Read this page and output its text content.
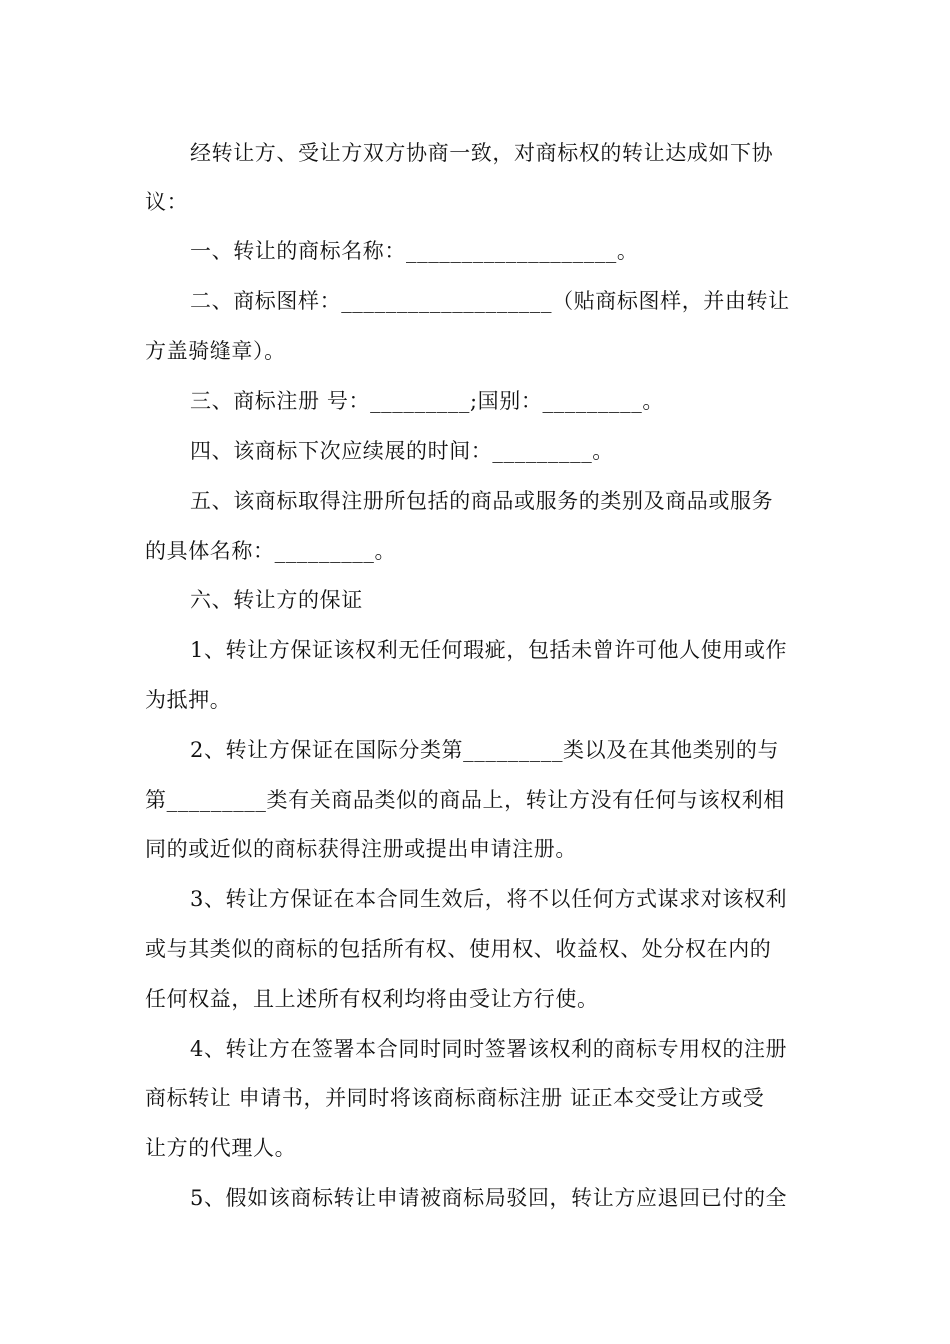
经转让方、受让方双方协商一致，对商标权的转让达成如下协
议：
一、转让的商标名称：___________________。
二、商标图样：___________________（贴商标图样，并由转让
方盖骑缝章）。
三、商标注册 号：_________;国别：_________。
四、该商标下次应续展的时间：_________。
五、该商标取得注册所包括的商品或服务的类别及商品或服务
的具体名称：_________。
六、转让方的保证
1、转让方保证该权利无任何瑕疵，包括未曾许可他人使用或作
为抵押。
2、转让方保证在国际分类第_________类以及在其他类别的与
第_________类有关商品类似的商品上，转让方没有任何与该权利相
同的或近似的商标获得注册或提出申请注册。
3、转让方保证在本合同生效后，将不以任何方式谋求对该权利
或与其类似的商标的包括所有权、使用权、收益权、处分权在内的
任何权益，且上述所有权利均将由受让方行使。
4、转让方在签署本合同时同时签署该权利的商标专用权的注册
商标转让 申请书，并同时将该商标商标注册 证正本交受让方或受
让方的代理人。
5、假如该商标转让申请被商标局驳回，转让方应退回已付的全
